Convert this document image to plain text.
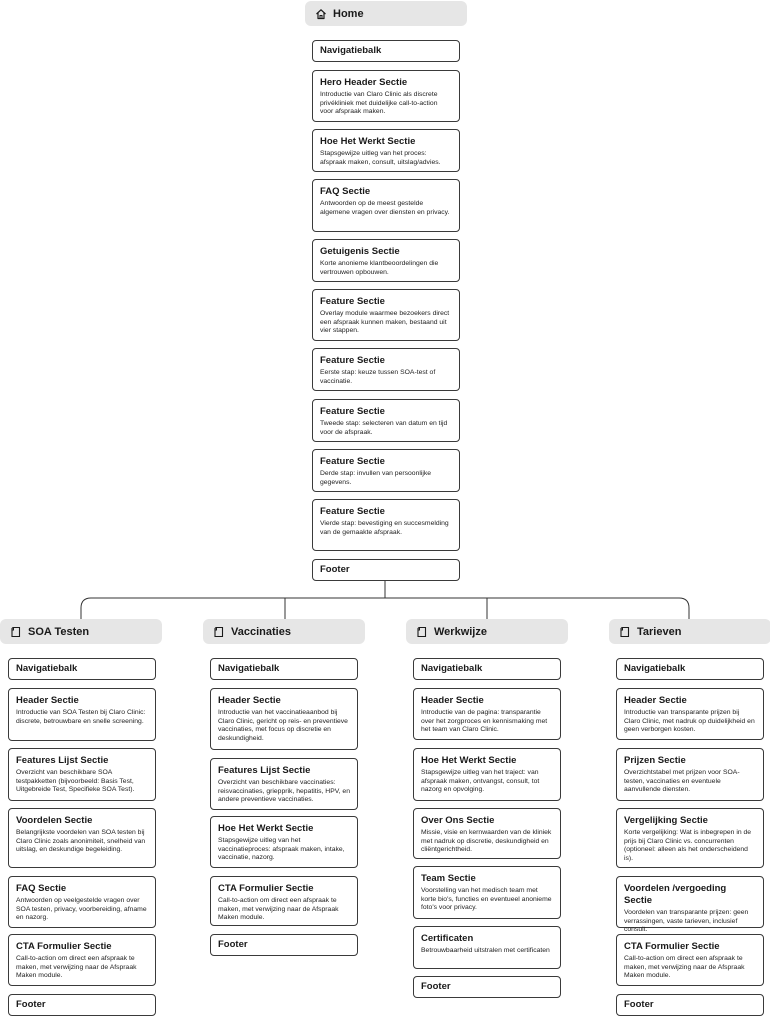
Home
Navigatiebalk
Hero Header Sectie
Introductie van Claro Clinic als discrete privékliniek met duidelijke call-to-action voor afspraak maken.
Hoe Het Werkt Sectie
Stapsgewijze uitleg van het proces: afspraak maken, consult, uitslag/advies.
FAQ Sectie
Antwoorden op de meest gestelde algemene vragen over diensten en privacy.
Getuigenis Sectie
Korte anonieme klantbeoordelingen die vertrouwen opbouwen.
Feature Sectie
Overlay module waarmee bezoekers direct een afspraak kunnen maken, bestaand uit vier stappen.
Feature Sectie
Eerste stap: keuze tussen SOA-test of vaccinatie.
Feature Sectie
Tweede stap: selecteren van datum en tijd voor de afspraak.
Feature Sectie
Derde stap: invullen van persoonlijke gegevens.
Feature Sectie
Vierde stap: bevestiging en succesmelding van de gemaakte afspraak.
Footer
SOA Testen
Navigatiebalk
Header Sectie
Introductie van SOA Testen bij Claro Clinic: discrete, betrouwbare en snelle screening.
Features Lijst Sectie
Overzicht van beschikbare SOA testpakketten (bijvoorbeeld: Basis Test, Uitgebreide Test, Specifieke SOA Test).
Voordelen Sectie
Belangrijkste voordelen van SOA testen bij Claro Clinic zoals anonimiteit, snelheid van uitslag, en deskundige begeleiding.
FAQ Sectie
Antwoorden op veelgestelde vragen over SOA testen, privacy, voorbereiding, afname en nazorg.
CTA Formulier Sectie
Call-to-action om direct een afspraak te maken, met verwijzing naar de Afspraak Maken module.
Footer
Vaccinaties
Navigatiebalk
Header Sectie
Introductie van het vaccinatieaanbod bij Claro Clinic, gericht op reis- en preventieve vaccinaties, met focus op discretie en deskundigheid.
Features Lijst Sectie
Overzicht van beschikbare vaccinaties: reisvaccinaties, griepprik, hepatitis, HPV, en andere preventieve vaccinaties.
Hoe Het Werkt Sectie
Stapsgewijze uitleg van het vaccinatieproces: afspraak maken, intake, vaccinatie, nazorg.
CTA Formulier Sectie
Call-to-action om direct een afspraak te maken, met verwijzing naar de Afspraak Maken module.
Footer
Werkwijze
Navigatiebalk
Header Sectie
Introductie van de pagina: transparantie over het zorgproces en kennismaking met het team van Claro Clinic.
Hoe Het Werkt Sectie
Stapsgewijze uitleg van het traject: van afspraak maken, ontvangst, consult, tot nazorg en opvolging.
Over Ons Sectie
Missie, visie en kernwaarden van de kliniek met nadruk op discretie, deskundigheid en cliëntgerichtheid.
Team Sectie
Voorstelling van het medisch team met korte bio's, functies en eventueel anonieme foto's voor privacy.
Certificaten
Betrouwbaarheid uitstralen met certificaten
Footer
Tarieven
Navigatiebalk
Header Sectie
Introductie van transparante prijzen bij Claro Clinic, met nadruk op duidelijkheid en geen verborgen kosten.
Prijzen Sectie
Overzichtstabel met prijzen voor SOA-testen, vaccinaties en eventuele aanvullende diensten.
Vergelijking Sectie
Korte vergelijking: Wat is inbegrepen in de prijs bij Claro Clinic vs. concurrenten (optioneel: alleen als het onderscheidend is).
Voordelen /vergoeding Sectie
Voordelen van transparante prijzen: geen verrassingen, vaste tarieven, inclusief consult.
CTA Formulier Sectie
Call-to-action om direct een afspraak te maken, met verwijzing naar de Afspraak Maken module.
Footer
